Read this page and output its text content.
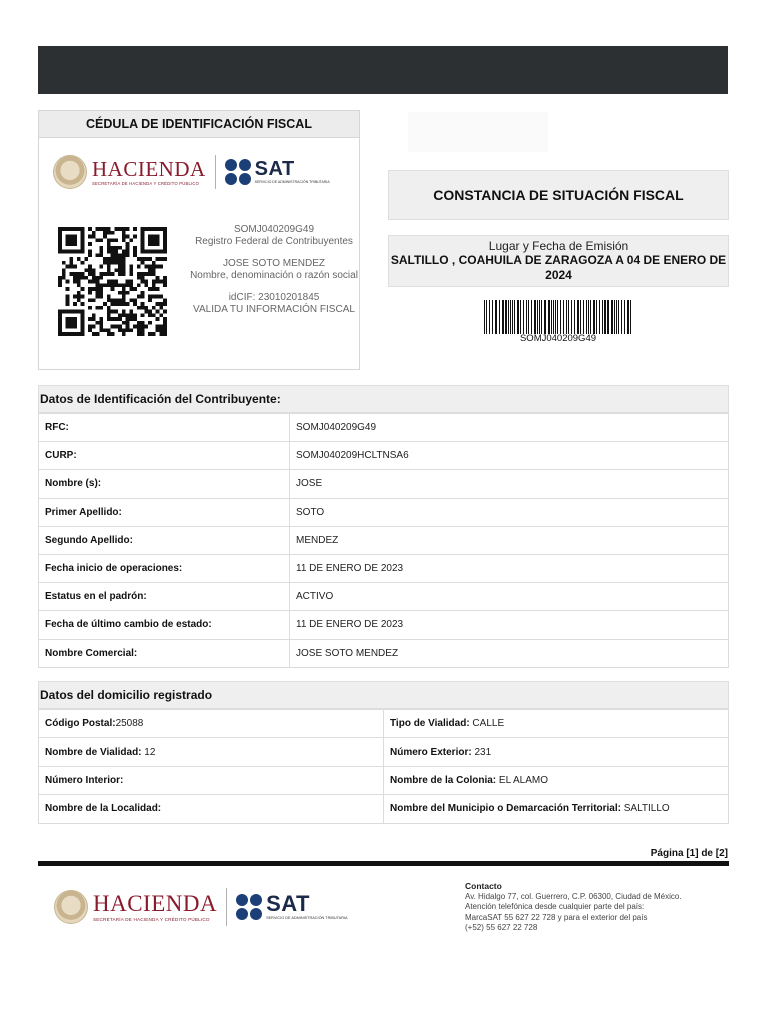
CÉDULA DE IDENTIFICACIÓN FISCAL
HACIENDA
SECRETARÍA DE HACIENDA Y CRÉDITO PÚBLICO
SAT
SERVICIO DE ADMINISTRACIÓN TRIBUTARIA
SOMJ040209G49
Registro Federal de Contribuyentes
JOSE SOTO MENDEZ
Nombre, denominación o razón social
idCIF: 23010201845
VALIDA TU INFORMACIÓN FISCAL
CONSTANCIA DE SITUACIÓN FISCAL
Lugar y Fecha de Emisión
SALTILLO , COAHUILA DE ZARAGOZA A 04 DE ENERO DE 2024
SOMJ040209G49
Datos de Identificación del Contribuyente:
RFC:	SOMJ040209G49
CURP:	SOMJ040209HCLTNSA6
Nombre (s):	JOSE
Primer Apellido:	SOTO
Segundo Apellido:	MENDEZ
Fecha inicio de operaciones:	11 DE ENERO DE 2023
Estatus en el padrón:	ACTIVO
Fecha de último cambio de estado:	11 DE ENERO DE 2023
Nombre Comercial:	JOSE SOTO MENDEZ
Datos del domicilio registrado
Código Postal:25088	Tipo de Vialidad: CALLE
Nombre de Vialidad: 12	Número Exterior: 231
Número Interior:	Nombre de la Colonia: EL ALAMO
Nombre de la Localidad:	Nombre del Municipio o Demarcación Territorial: SALTILLO
Página [1] de [2]
HACIENDA
SECRETARÍA DE HACIENDA Y CRÉDITO PÚBLICO
SAT
SERVICIO DE ADMINISTRACIÓN TRIBUTARIA
Contacto
Av. Hidalgo 77, col. Guerrero, C.P. 06300, Ciudad de México.
Atención telefónica desde cualquier parte del país:
MarcaSAT 55 627 22 728 y para el exterior del país
(+52) 55 627 22 728
